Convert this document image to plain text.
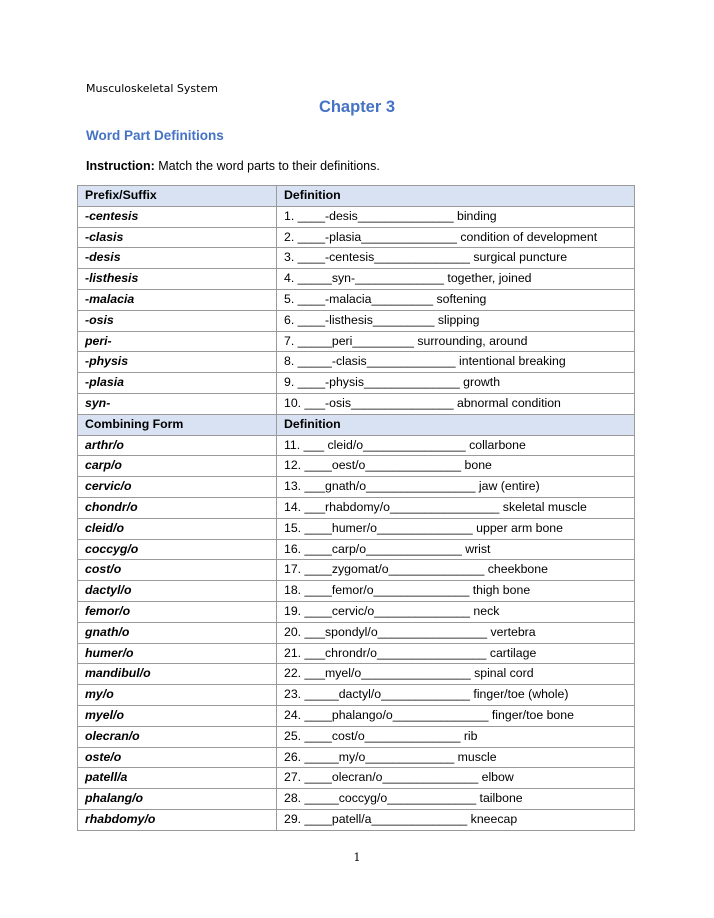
Musculoskeletal System
Chapter 3
Word Part Definitions
Instruction: Match the word parts to their definitions.
Prefix/Suffix	Definition
-centesis	1. ____-desis______________ binding
-clasis	2. ____-plasia______________ condition of development
-desis	3. ____-centesis______________ surgical puncture
-listhesis	4. _____syn-_____________ together, joined
-malacia	5. ____-malacia_________ softening
-osis	6. ____-listhesis_________ slipping
peri-	7. _____peri_________ surrounding, around
-physis	8. _____-clasis_____________ intentional breaking
-plasia	9. ____-physis______________ growth
syn-	10. ___-osis_______________ abnormal condition
Combining Form	Definition
arthr/o	11. ___ cleid/o_______________ collarbone
carp/o	12. ____oest/o______________ bone
cervic/o	13. ___gnath/o________________ jaw (entire)
chondr/o	14. ___rhabdomy/o________________ skeletal muscle
cleid/o	15. ____humer/o______________ upper arm bone
coccyg/o	16. ____carp/o______________ wrist
cost/o	17. ____zygomat/o______________ cheekbone
dactyl/o	18. ____femor/o______________ thigh bone
femor/o	19. ____cervic/o______________ neck
gnath/o	20. ___spondyl/o________________ vertebra
humer/o	21. ___chrondr/o________________ cartilage
mandibul/o	22. ___myel/o________________ spinal cord
my/o	23. _____dactyl/o_____________ finger/toe (whole)
myel/o	24. ____phalango/o______________ finger/toe bone
olecran/o	25. ____cost/o______________ rib
oste/o	26. _____my/o_____________ muscle
patell/a	27. ____olecran/o______________ elbow
phalang/o	28. _____coccyg/o_____________ tailbone
rhabdomy/o	29. ____patell/a______________ kneecap
1
